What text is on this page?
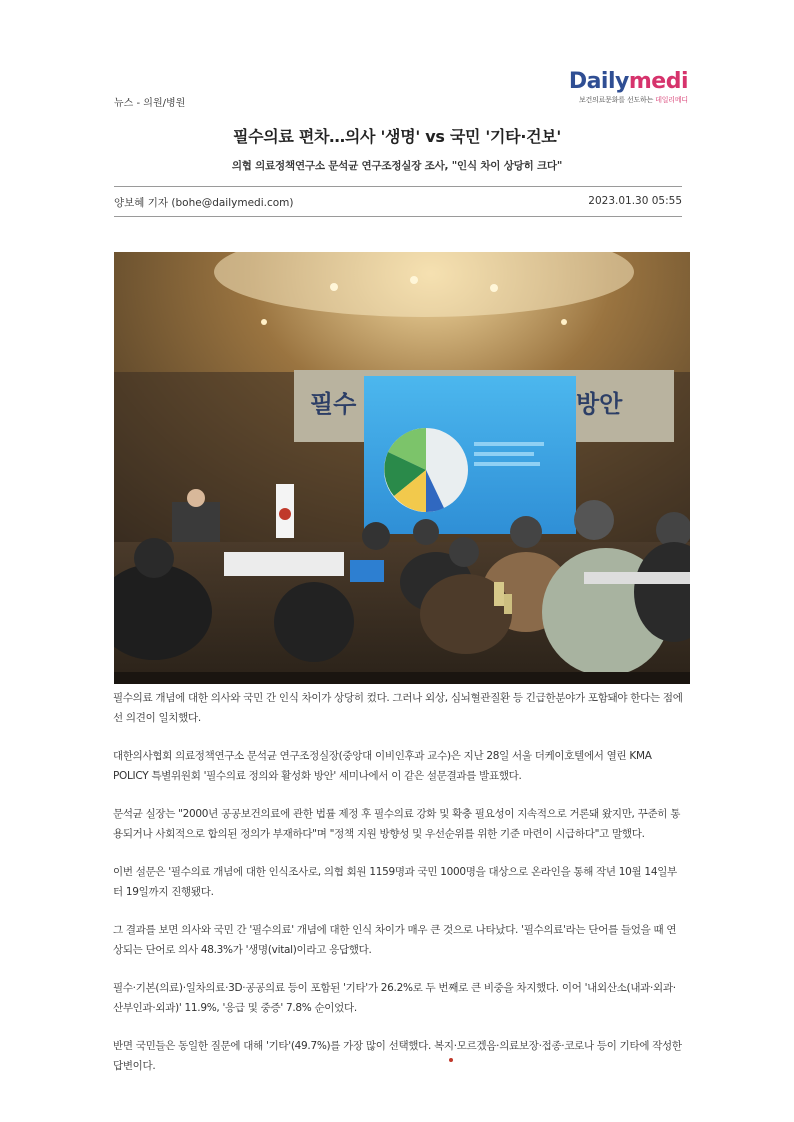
뉴스 - 의원/병원
Dailymedi
보건의료문화를 선도하는 데일리메디
필수의료 편차…의사 '생명' vs 국민 '기타·건보'
의협 의료정책연구소 문석균 연구조정실장 조사, "인식 차이 상당히 크다"
양보혜 기자 (bohe@dailymedi.com)	2023.01.30 05:55
필수	방안

필수의료 개념에 대한 의사와 국민 간 인식 차이가 상당히 컸다. 그러나 외상, 심뇌혈관질환 등 긴급한분야가 포함돼야 한다는 점에선 의견이 일치했다.

대한의사협회 의료정책연구소 문석균 연구조정실장(중앙대 이비인후과 교수)은 지난 28일 서울 더케이호텔에서 열린 KMA POLICY 특별위원회 '필수의료 정의와 활성화 방안' 세미나에서 이 같은 설문결과를 발표했다.

문석균 실장는 "2000년 공공보건의료에 관한 법률 제정 후 필수의료 강화 및 확충 필요성이 지속적으로 거론돼 왔지만, 꾸준히 통용되거나 사회적으로 합의된 정의가 부재하다"며 "정책 지원 방향성 및 우선순위를 위한 기준 마련이 시급하다"고 말했다.

이번 설문은 '필수의료 개념에 대한 인식조사로, 의협 회원 1159명과 국민 1000명을 대상으로 온라인을 통해 작년 10월 14일부터 19일까지 진행됐다.

그 결과를 보면 의사와 국민 간 '필수의료' 개념에 대한 인식 차이가 매우 큰 것으로 나타났다. '필수의료'라는 단어를 들었을 때 연상되는 단어로 의사 48.3%가 '생명(vital)이라고 응답했다.

필수·기본(의료)·일차의료·3D·공공의료 등이 포함된 '기타'가 26.2%로 두 번째로 큰 비중을 차지했다. 이어 '내외산소(내과·외과·산부인과·외과)' 11.9%, '응급 및 중증' 7.8% 순이었다.

반면 국민들은 동일한 질문에 대해 '기타'(49.7%)를 가장 많이 선택했다. 복지·모르겠음·의료보장·접종·코로나 등이 기타에 작성한 답변이다.
